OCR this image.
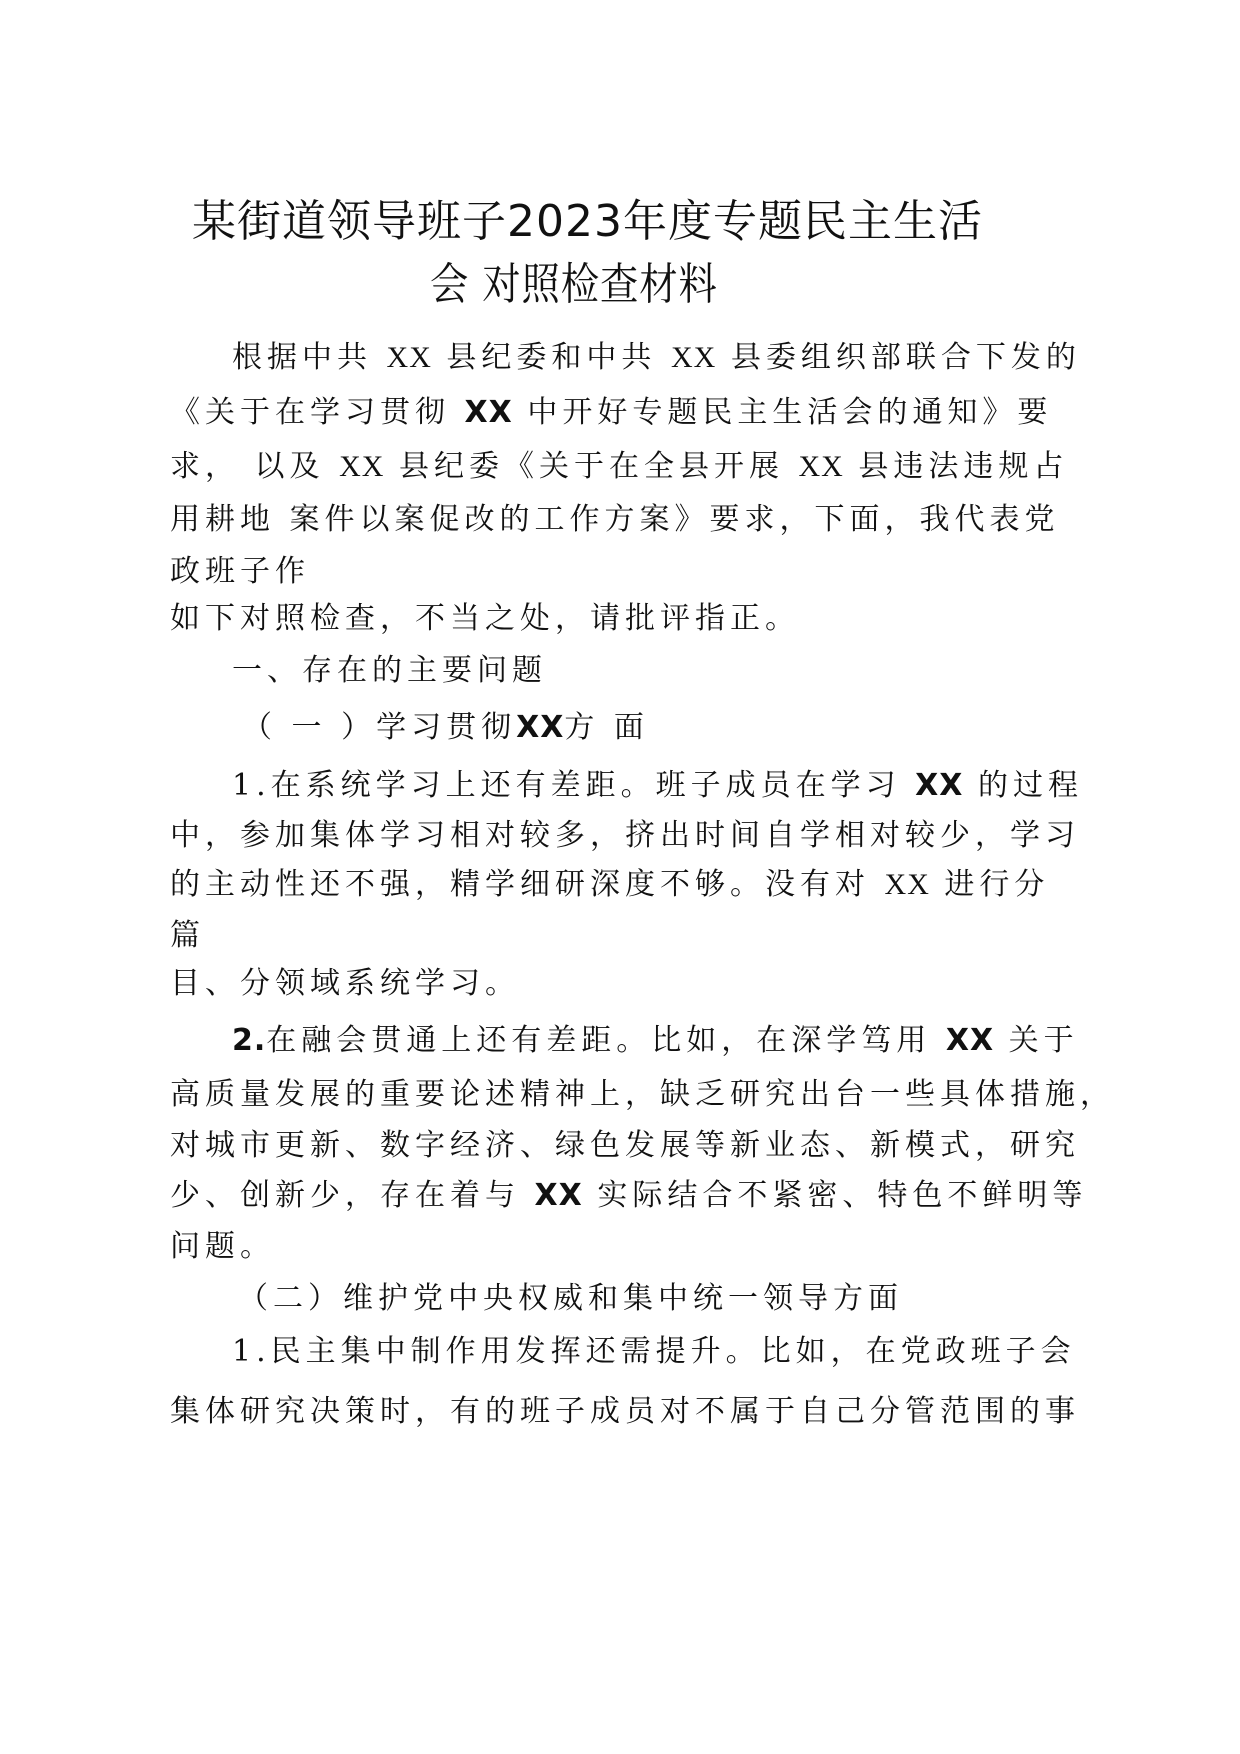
某街道领导班子2023年度专题民主生活
会 对照检查材料
根据中共 XX 县纪委和中共 XX 县委组织部联合下发的
《关于在学习贯彻 XX 中开好专题民主生活会的通知》要
求， 以及 XX 县纪委《关于在全县开展 XX 县违法违规占
用耕地 案件以案促改的工作方案》要求，下面，我代表党
政班子作
如下对照检查，不当之处，请批评指正。
一、存在的主要问题
（ 一 ）学习贯彻XX方 面
1.在系统学习上还有差距。班子成员在学习 XX 的过程
中，参加集体学习相对较多，挤出时间自学相对较少，学习
的主动性还不强，精学细研深度不够。没有对 XX 进行分
篇
目、分领域系统学习。
2.在融会贯通上还有差距。比如，在深学笃用 XX 关于
高质量发展的重要论述精神上，缺乏研究出台一些具体措施，
对城市更新、数字经济、绿色发展等新业态、新模式，研究
少、创新少，存在着与 XX 实际结合不紧密、特色不鲜明等
问题。
（二）维护党中央权威和集中统一领导方面
1.民主集中制作用发挥还需提升。比如，在党政班子会
集体研究决策时，有的班子成员对不属于自己分管范围的事
